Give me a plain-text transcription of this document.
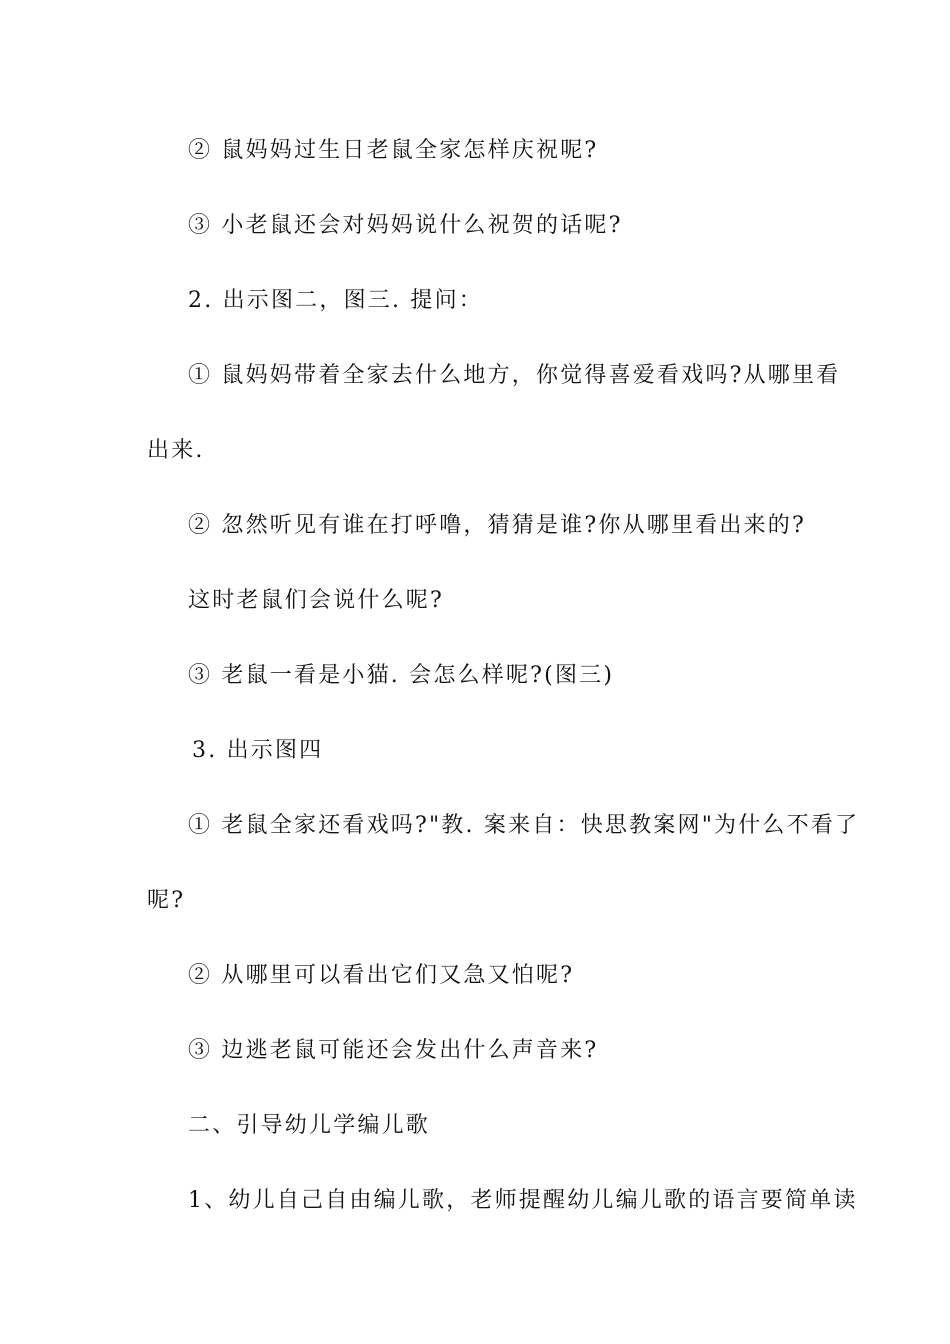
② 鼠妈妈过生日老鼠全家怎样庆祝呢?
③ 小老鼠还会对妈妈说什么祝贺的话呢?
2. 出示图二，图三. 提问：
① 鼠妈妈带着全家去什么地方，你觉得喜爱看戏吗?从哪里看
出来.
② 忽然听见有谁在打呼噜，猜猜是谁?你从哪里看出来的?
这时老鼠们会说什么呢?
③ 老鼠一看是小猫. 会怎么样呢?(图三)
3. 出示图四
① 老鼠全家还看戏吗?"教. 案来自：快思教案网"为什么不看了
呢?
② 从哪里可以看出它们又急又怕呢?
③ 边逃老鼠可能还会发出什么声音来?
二、引导幼儿学编儿歌
1、幼儿自己自由编儿歌，老师提醒幼儿编儿歌的语言要简单读
